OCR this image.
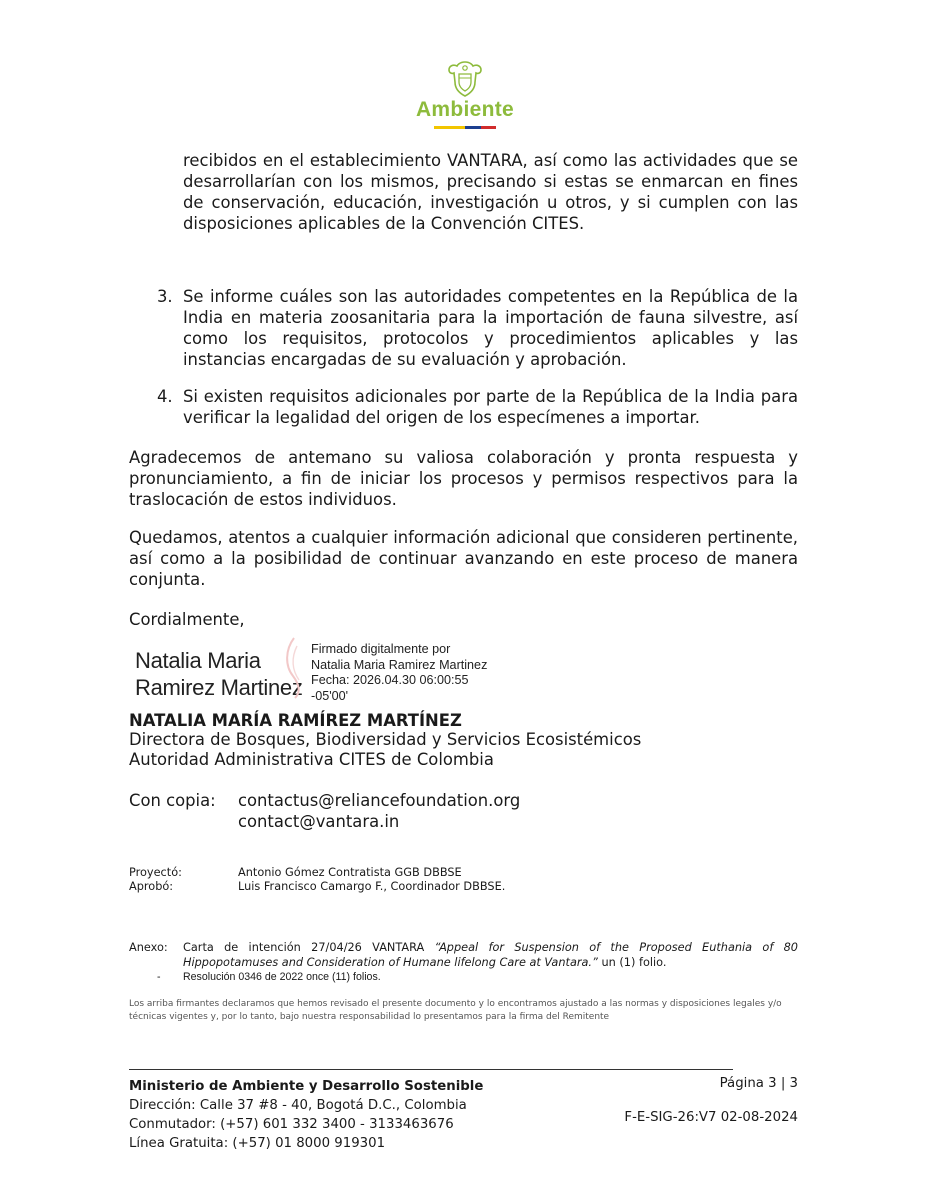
Ambiente
recibidos en el establecimiento VANTARA, así como las actividades que se desarrollarían con los mismos, precisando si estas se enmarcan en fines de conservación, educación, investigación u otros, y si cumplen con las disposiciones aplicables de la Convención CITES.
3. Se informe cuáles son las autoridades competentes en la República de la India en materia zoosanitaria para la importación de fauna silvestre, así como los requisitos, protocolos y procedimientos aplicables y las instancias encargadas de su evaluación y aprobación.
4. Si existen requisitos adicionales por parte de la República de la India para verificar la legalidad del origen de los especímenes a importar.
Agradecemos de antemano su valiosa colaboración y pronta respuesta y pronunciamiento, a fin de iniciar los procesos y permisos respectivos para la traslocación de estos individuos.
Quedamos, atentos a cualquier información adicional que consideren pertinente, así como a la posibilidad de continuar avanzando en este proceso de manera conjunta.
Cordialmente,
Natalia Maria
Ramirez Martinez
Firmado digitalmente por
Natalia Maria Ramirez Martinez
Fecha: 2026.04.30 06:00:55
-05'00'
NATALIA MARÍA RAMÍREZ MARTÍNEZ
Directora de Bosques, Biodiversidad y Servicios Ecosistémicos
Autoridad Administrativa CITES de Colombia
Con copia: contactus@reliancefoundation.org
contact@vantara.in
Proyectó:	Antonio Gómez Contratista GGB DBBSE
Aprobó:	Luis Francisco Camargo F., Coordinador DBBSE.
Anexo: Carta de intención 27/04/26 VANTARA “Appeal for Suspension of the Proposed Euthania of 80
Hippopotamuses and Consideration of Humane lifelong Care at Vantara.” un (1) folio.
- Resolución 0346 de 2022 once (11) folios.
Los arriba firmantes declaramos que hemos revisado el presente documento y lo encontramos ajustado a las normas y disposiciones legales y/o técnicas vigentes y, por lo tanto, bajo nuestra responsabilidad lo presentamos para la firma del Remitente
Ministerio de Ambiente y Desarrollo Sostenible
Dirección: Calle 37 #8 - 40, Bogotá D.C., Colombia
Conmutador: (+57) 601 332 3400 - 3133463676
Línea Gratuita: (+57) 01 8000 919301
Página 3 | 3
F-E-SIG-26:V7 02-08-2024
